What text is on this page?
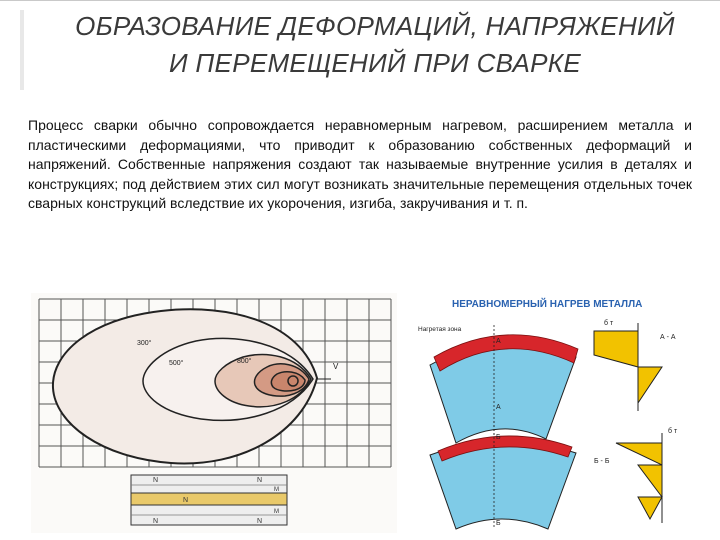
ОБРАЗОВАНИЕ ДЕФОРМАЦИЙ, НАПРЯЖЕНИЙ
И ПЕРЕМЕЩЕНИЙ ПРИ СВАРКЕ
Процесс сварки обычно сопровождается неравномерным нагревом, расширением металла и пластическими деформациями, что приводит к образованию собственных деформаций и напряжений. Собственные напряжения создают так называемые внутренние усилия в деталях и конструкциях; под действием этих сил могут возникать значительные перемещения отдельных точек сварных конструкций вследствие их укорочения, изгиба, закручивания и т. п.
300°
500°	800°
V
N	N
N
N	N
M
M
НЕРАВНОМЕРНЫЙ НАГРЕВ МЕТАЛЛА
Нагретая зона
А
А
Б
Б
б т
А - А
б т
Б - Б
